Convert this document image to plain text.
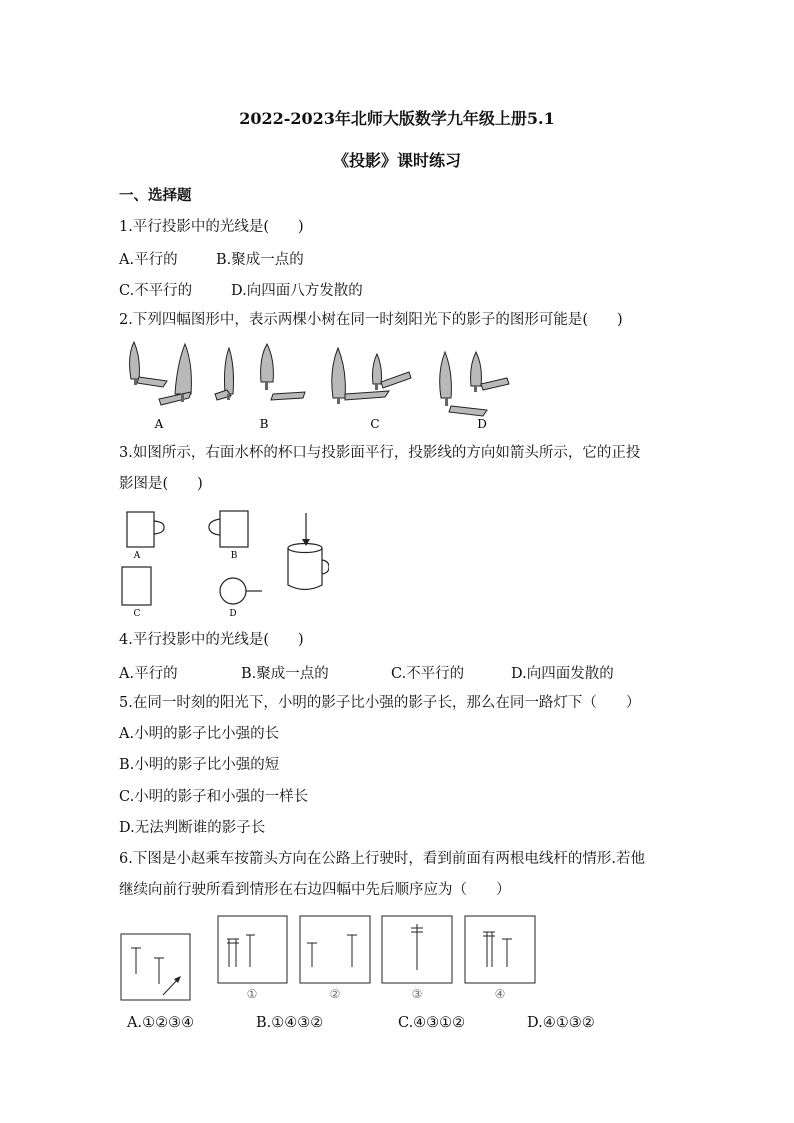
2022-2023年北师大版数学九年级上册5.1
《投影》课时练习
一、选择题
1.平行投影中的光线是(　　)
A.平行的	B.聚成一点的
C.不平行的	D.向四面八方发散的
2.下列四幅图形中，表示两棵小树在同一时刻阳光下的影子的图形可能是(　　)
A	B	C	D
3.如图所示，右面水杯的杯口与投影面平行，投影线的方向如箭头所示，它的正投
影图是(　　)
A	B
C	D
4.平行投影中的光线是(　　)
A.平行的	B.聚成一点的	C.不平行的	D.向四面发散的
5.在同一时刻的阳光下，小明的影子比小强的影子长，那么在同一路灯下（　　）
A.小明的影子比小强的长
B.小明的影子比小强的短
C.小明的影子和小强的一样长
D.无法判断谁的影子长
6.下图是小赵乘车按箭头方向在公路上行驶时，看到前面有两根电线杆的情形.若他
继续向前行驶所看到情形在右边四幅中先后顺序应为（　　）
①	②	③	④
A.①②③④	B.①④③②	C.④③①②	D.④①③②
